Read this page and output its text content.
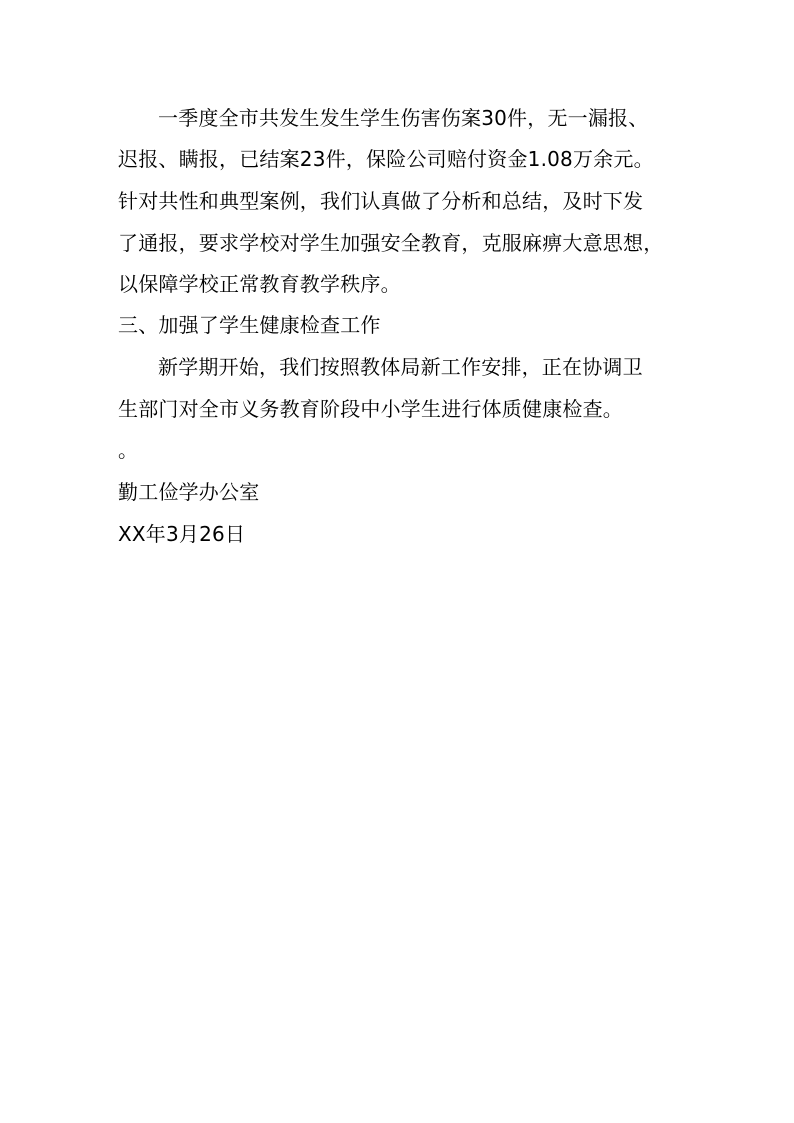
一季度全市共发生发生学生伤害伤案30件，无一漏报、
迟报、瞒报，已结案23件，保险公司赔付资金1.08万余元。
针对共性和典型案例，我们认真做了分析和总结，及时下发
了通报，要求学校对学生加强安全教育，克服麻痹大意思想，
以保障学校正常教育教学秩序。
三、加强了学生健康检查工作
新学期开始，我们按照教体局新工作安排，正在协调卫
生部门对全市义务教育阶段中小学生进行体质健康检查。
。
勤工俭学办公室
XX年3月26日
